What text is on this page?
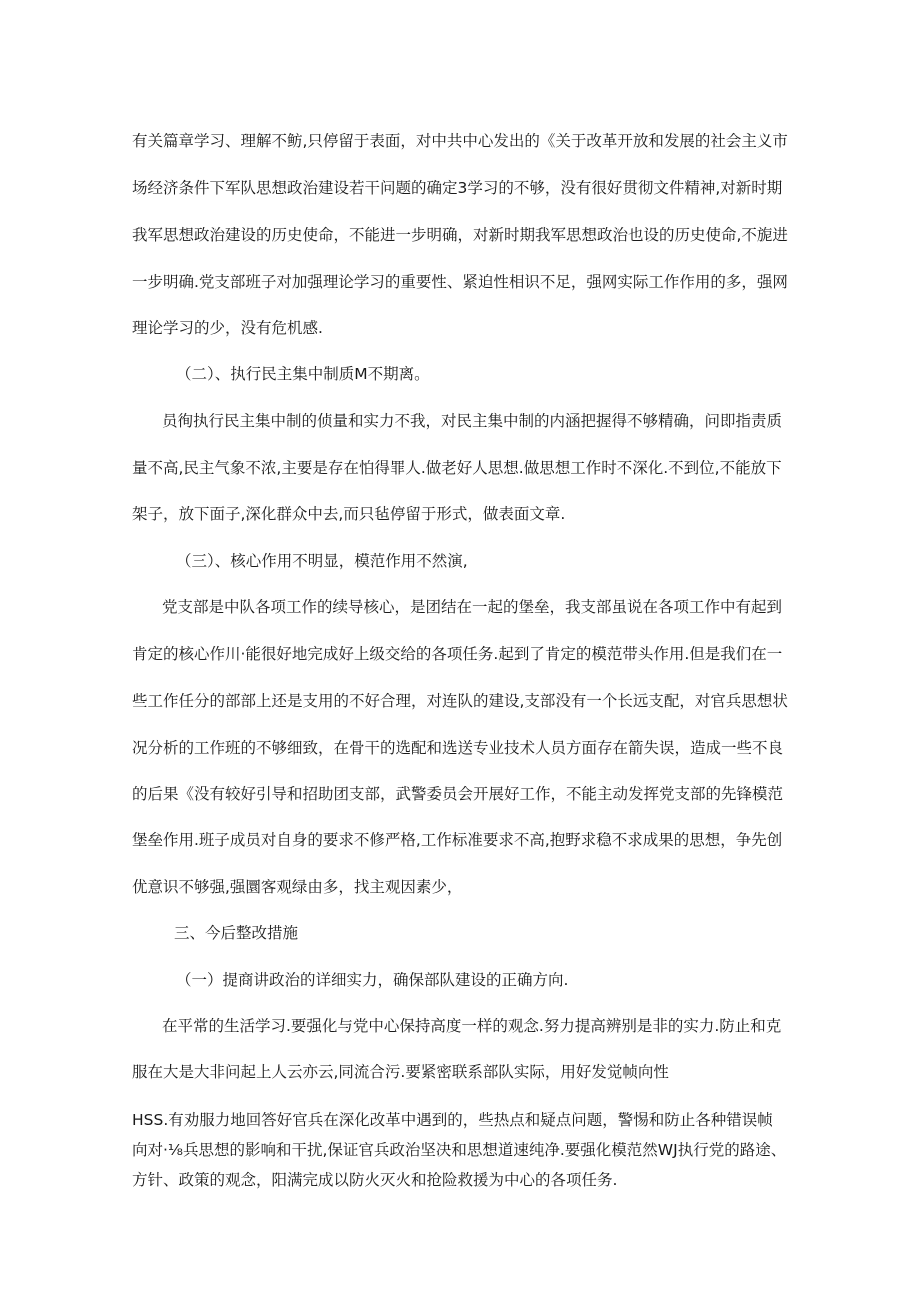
有关篇章学习、理解不鲂,只停留于表面，对中共中心发出的《关于改革开放和发展的社会主义市
场经济条件下军队思想政治建设若干问题的确定3学习的不够，没有很好贯彻文件精神,对新时期
我军思想政治建设的历史使命，不能进一步明确，对新时期我军思想政治也设的历史使命,不旎进
一步明确.党支部班子对加强理论学习的重要性、紧迫性相识不足，强网实际工作作用的多，强网
理论学习的少，没有危机感.
（二）、执行民主集中制质M不期离。
员徇执行民主集中制的侦量和实力不我，对民主集中制的内涵把握得不够精确，问即指责质
量不高,民主气象不浓,主要是存在怕得罪人.做老好人思想.做思想工作时不深化.不到位,不能放下
架子，放下面子,深化群众中去,而只毡停留于形式，做表面文章.
（三）、核心作用不明显，模范作用不然演,
党支部是中队各项工作的续导核心，是团结在一起的堡垒，我支部虽说在各项工作中有起到
肯定的核心作川·能很好地完成好上级交给的各项任务.起到了肯定的模范带头作用.但是我们在一
些工作任分的部部上还是支用的不好合理，对连队的建设,支部没有一个长远支配，对官兵思想状
况分析的工作班的不够细致，在骨干的选配和选送专业技术人员方面存在箭失误，造成一些不良
的后果《没有较好引导和招助团支部，武警委员会开展好工作，不能主动发挥党支部的先锋模范
堡垒作用.班子成员对自身的要求不修严格,工作标准要求不高,抱野求稳不求成果的思想，争先创
优意识不够强,强圜客观绿由多，找主观因素少，
三、今后整改措施
（一）提商讲政治的详细实力，确保部队建设的正确方向.
在平常的生活学习.要强化与党中心保持高度一样的观念.努力提高辨别是非的实力.防止和克
服在大是大非问起上人云亦云,同流合污.要紧密联系部队实际，用好发觉帧向性
HSS.有劝服力地回答好官兵在深化改革中遇到的，些热点和疑点问题，警惕和防止各种错误帧
向对·⅛兵思想的影响和干扰,保证官兵政治坚决和思想道速纯净.要强化模范然WJ执行党的路途、
方针、政策的观念，阳满完成以防火灭火和抢险救援为中心的各项任务.
